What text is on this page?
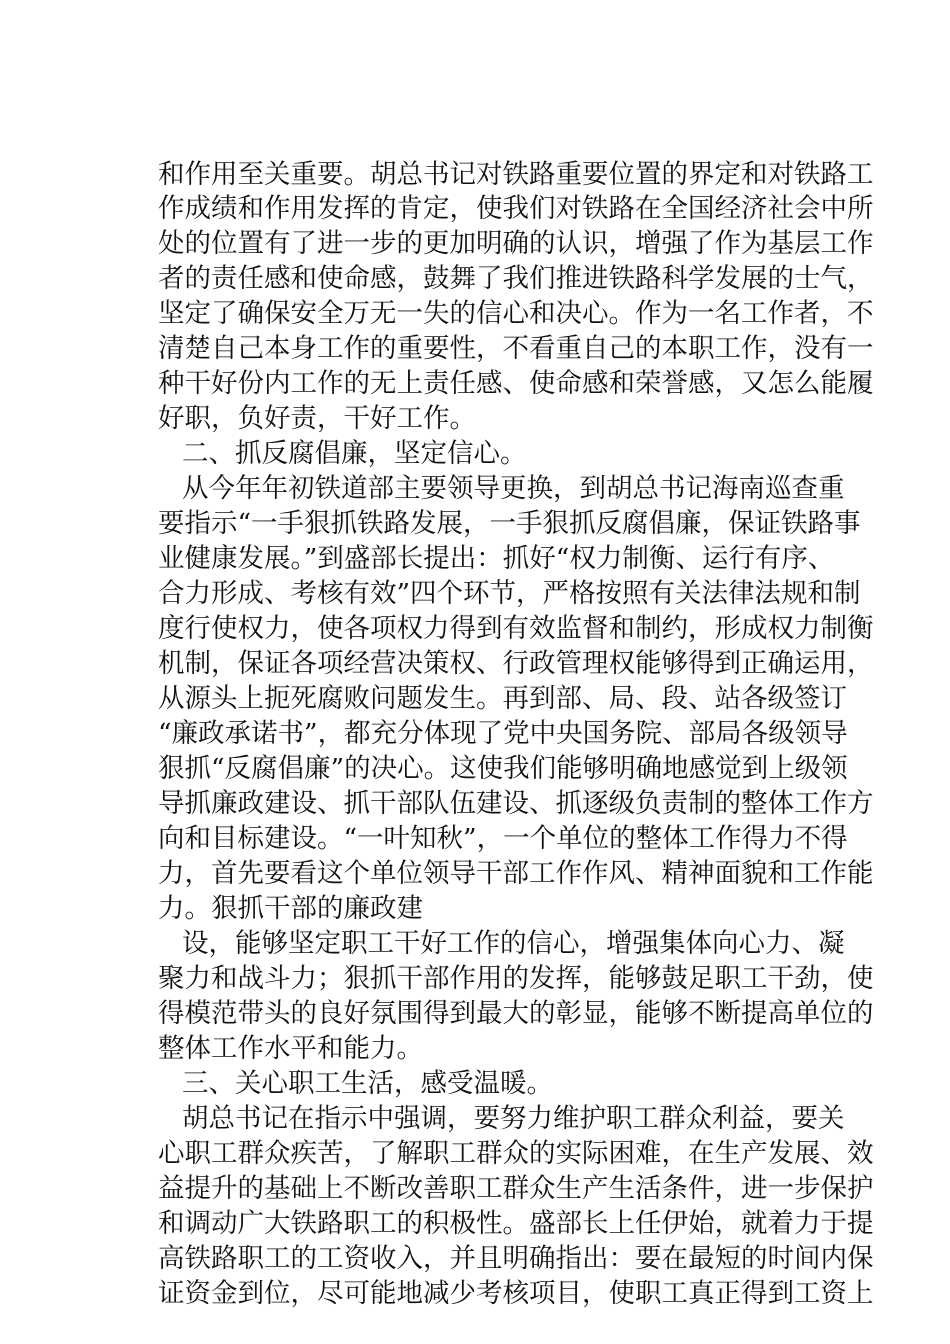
和作用至关重要。胡总书记对铁路重要位置的界定和对铁路工
作成绩和作用发挥的肯定，使我们对铁路在全国经济社会中所
处的位置有了进一步的更加明确的认识，增强了作为基层工作
者的责任感和使命感，鼓舞了我们推进铁路科学发展的士气，
坚定了确保安全万无一失的信心和决心。作为一名工作者，不
清楚自己本身工作的重要性，不看重自己的本职工作，没有一
种干好份内工作的无上责任感、使命感和荣誉感，又怎么能履
好职，负好责，干好工作。
二、抓反腐倡廉，坚定信心。
从今年年初铁道部主要领导更换，到胡总书记海南巡查重
要指示“一手狠抓铁路发展，一手狠抓反腐倡廉，保证铁路事
业健康发展。”到盛部长提出：抓好“权力制衡、运行有序、
合力形成、考核有效”四个环节，严格按照有关法律法规和制
度行使权力，使各项权力得到有效监督和制约，形成权力制衡
机制，保证各项经营决策权、行政管理权能够得到正确运用，
从源头上扼死腐败问题发生。再到部、局、段、站各级签订
“廉政承诺书”，都充分体现了党中央国务院、部局各级领导
狠抓“反腐倡廉”的决心。这使我们能够明确地感觉到上级领
导抓廉政建设、抓干部队伍建设、抓逐级负责制的整体工作方
向和目标建设。“一叶知秋”，一个单位的整体工作得力不得
力，首先要看这个单位领导干部工作作风、精神面貌和工作能
力。狠抓干部的廉政建
设，能够坚定职工干好工作的信心，增强集体向心力、凝
聚力和战斗力；狠抓干部作用的发挥，能够鼓足职工干劲，使
得模范带头的良好氛围得到最大的彰显，能够不断提高单位的
整体工作水平和能力。
三、关心职工生活，感受温暖。
胡总书记在指示中强调，要努力维护职工群众利益，要关
心职工群众疾苦，了解职工群众的实际困难，在生产发展、效
益提升的基础上不断改善职工群众生产生活条件，进一步保护
和调动广大铁路职工的积极性。盛部长上任伊始，就着力于提
高铁路职工的工资收入，并且明确指出：要在最短的时间内保
证资金到位，尽可能地减少考核项目，使职工真正得到工资上
